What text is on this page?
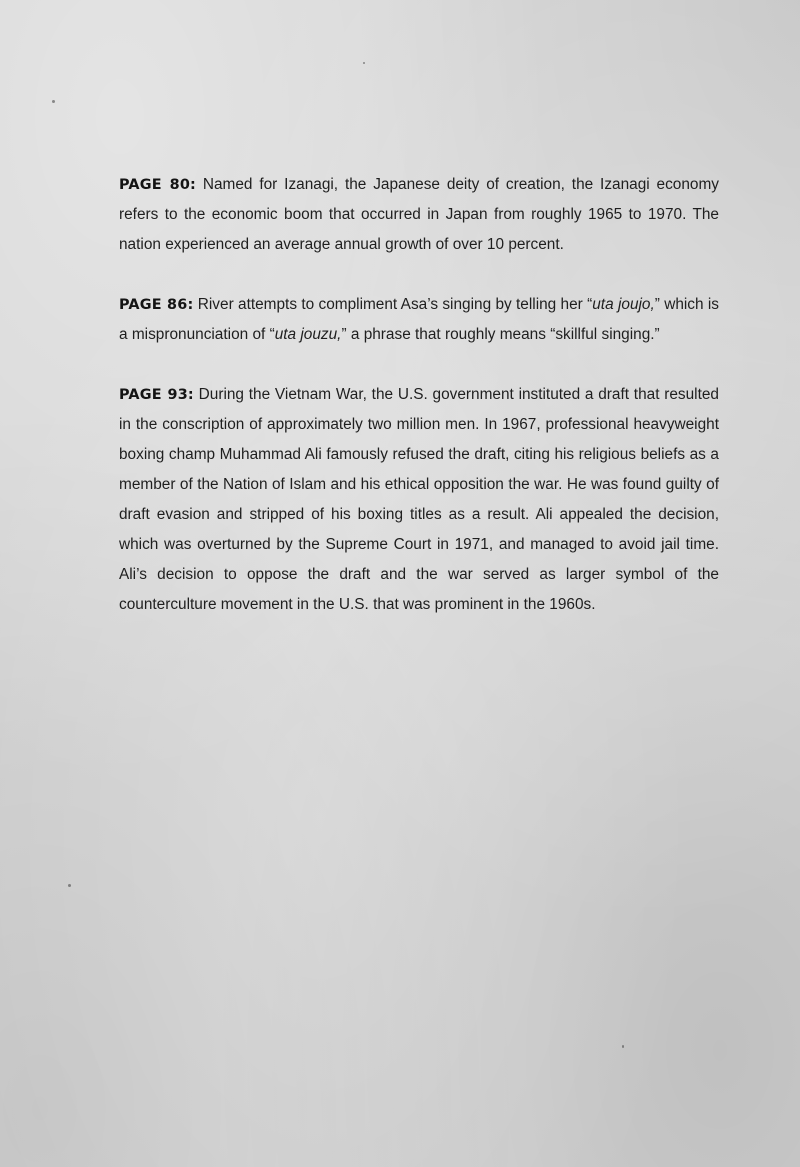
PAGE 80: Named for Izanagi, the Japanese deity of creation, the Izanagi economy refers to the economic boom that occurred in Japan from roughly 1965 to 1970. The nation experienced an average annual growth of over 10 percent.

PAGE 86: River attempts to compliment Asa’s singing by telling her “uta joujo,” which is a mispronunciation of “uta jouzu,” a phrase that roughly means “skillful singing.”

PAGE 93: During the Vietnam War, the U.S. government instituted a draft that resulted in the conscription of approximately two million men. In 1967, professional heavyweight boxing champ Muhammad Ali famously refused the draft, citing his religious beliefs as a member of the Nation of Islam and his ethical opposition the war. He was found guilty of draft evasion and stripped of his boxing titles as a result. Ali appealed the decision, which was overturned by the Supreme Court in 1971, and managed to avoid jail time. Ali’s decision to oppose the draft and the war served as larger symbol of the counterculture movement in the U.S. that was prominent in the 1960s.
